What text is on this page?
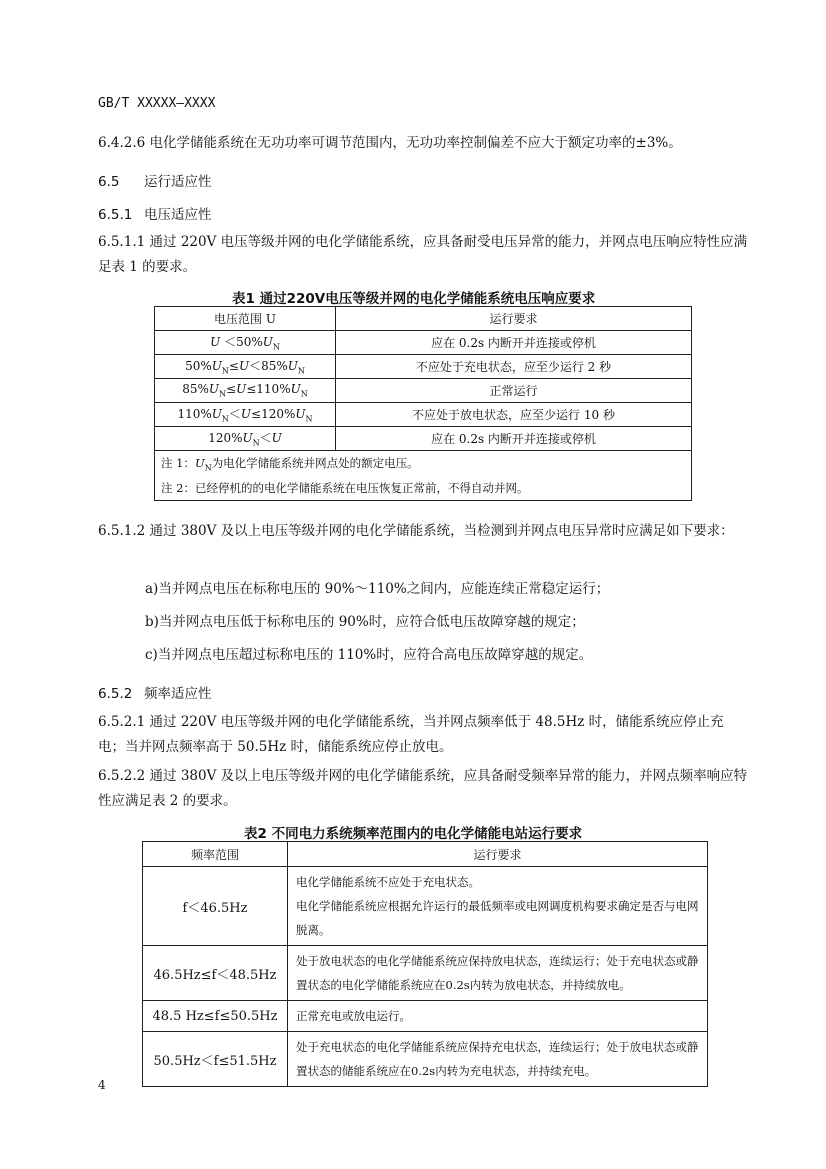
GB/T XXXXX—XXXX
6.4.2.6 电化学储能系统在无功功率可调节范围内，无功功率控制偏差不应大于额定功率的±3%。
6.5 运行适应性
6.5.1 电压适应性
6.5.1.1 通过 220V 电压等级并网的电化学储能系统，应具备耐受电压异常的能力，并网点电压响应特性应满足表 1 的要求。
表1 通过220V电压等级并网的电化学储能系统电压响应要求
电压范围 U	运行要求
$U <50\%U_N$	应在 0.2s 内断开并连接或停机
$50\%U_N\le U<85\%U_N$	不应处于充电状态，应至少运行 2 秒
$85\%U_N\le U\le 110\%U_N$	正常运行
$110\%U_N<U\le 120\%U_N$	不应处于放电状态，应至少运行 10 秒
$120\%U_N<U$	应在 0.2s 内断开并连接或停机

注 1：$U_N$为电化学储能系统并网点处的额定电压。
注 2：已经停机的的电化学储能系统在电压恢复正常前，不得自动并网。	
6.5.1.2 通过 380V 及以上电压等级并网的电化学储能系统，当检测到并网点电压异常时应满足如下要求：
a)当并网点电压在标称电压的 90%～110%之间内，应能连续正常稳定运行；
b)当并网点电压低于标称电压的 90%时，应符合低电压故障穿越的规定；
c)当并网点电压超过标称电压的 110%时，应符合高电压故障穿越的规定。
6.5.2 频率适应性
6.5.2.1 通过 220V 电压等级并网的电化学储能系统，当并网点频率低于 48.5Hz 时，储能系统应停止充电；当并网点频率高于 50.5Hz 时，储能系统应停止放电。
6.5.2.2 通过 380V 及以上电压等级并网的电化学储能系统，应具备耐受频率异常的能力，并网点频率响应特性应满足表 2 的要求。
表2 不同电力系统频率范围内的电化学储能电站运行要求
频率范围	运行要求
f＜46.5Hz	电化学储能系统不应处于充电状态。
电化学储能系统应根据允许运行的最低频率或电网调度机构要求确定是否与电网脱离。

46.5Hz≤f＜48.5Hz	处于放电状态的电化学储能系统应保持放电状态，连续运行；处于充电状态或静置状态的电化学储能系统应在0.2s内转为放电状态，并持续放电。
48.5 Hz≤f≤50.5Hz	正常充电或放电运行。
50.5Hz＜f≤51.5Hz	处于充电状态的电化学储能系统应保持充电状态，连续运行；处于放电状态或静置状态的储能系统应在0.2s内转为充电状态，并持续充电。
4
